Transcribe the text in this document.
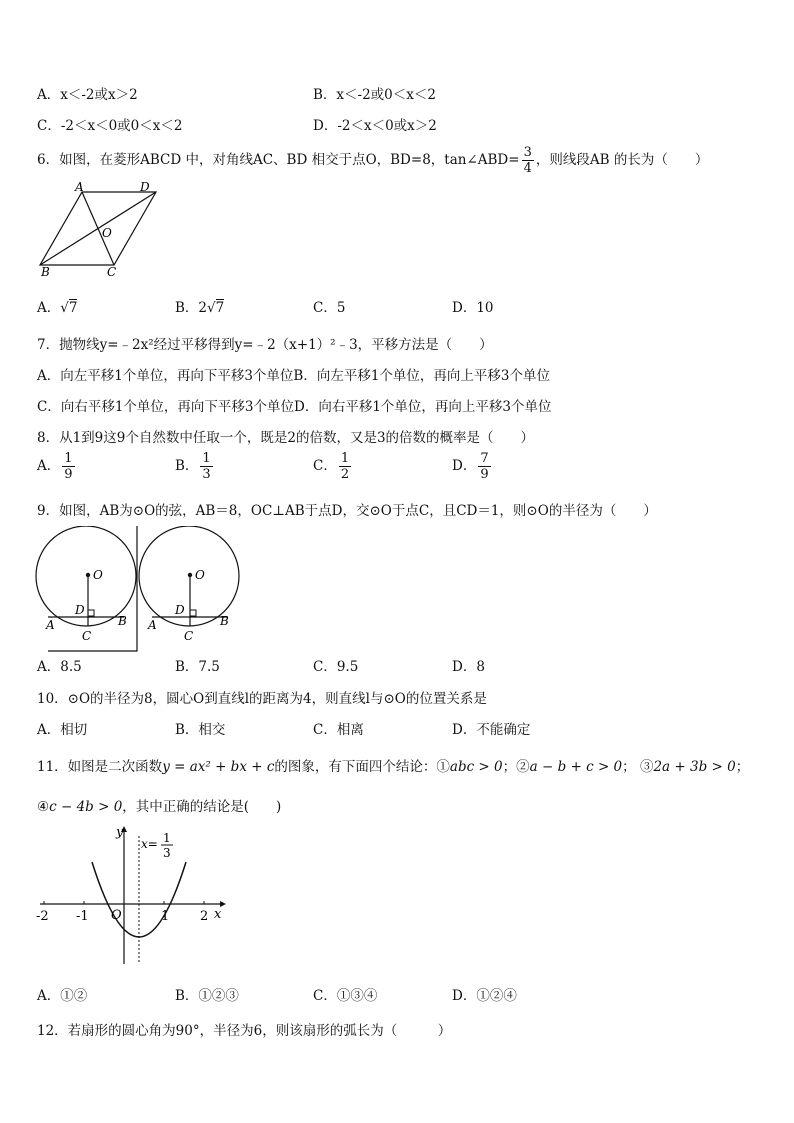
A．x＜-2或x＞2	B．x＜-2或0＜x＜2
C．-2＜x＜0或0＜x＜2	D．-2＜x＜0或x＞2
6．如图，在菱形ABCD 中，对角线AC、BD 相交于点O，BD=8，tan∠ABD= $\frac{3}{4}$ ，则线段AB 的长为（　　）
A	D
B	C
O
A．√7	B．2√7	C．5	D．10
7．抛物线y=﹣2x²经过平移得到y=﹣2（x+1）²﹣3，平移方法是（　　）
A．向左平移1个单位，再向下平移3个单位B．向左平移1个单位，再向上平移3个单位
C．向右平移1个单位，再向下平移3个单位D．向右平移1个单位，再向上平移3个单位
8．从1到9这9个自然数中任取一个，既是2的倍数，又是3的倍数的概率是（　　）
A． $\frac{1}{9}$	B． $\frac{1}{3}$	C． $\frac{1}{2}$	D． $\frac{7}{9}$
9．如图，AB为⊙O的弦，AB＝8，OC⊥AB于点D，交⊙O于点C，且CD＝1，则⊙O的半径为（　　）
O
D
A	B
C
O
D
A	B
C
A．8.5	B．7.5	C．9.5	D．8
10．⊙O的半径为8，圆心O到直线l的距离为4，则直线l与⊙O的位置关系是
A．相切	B．相交	C．相离	D．不能确定
11．如图是二次函数y = ax² + bx + c的图象，有下面四个结论：①abc > 0；②a − b + c > 0； ③2a + 3b > 0；
④c − 4b > 0，其中正确的结论是(　　)
y
x
O
-2 -1	1 2
x= 1
3
A．①②	B．①②③	C．①③④	D．①②④
12．若扇形的圆心角为90°，半径为6，则该扇形的弧长为（　　　）
